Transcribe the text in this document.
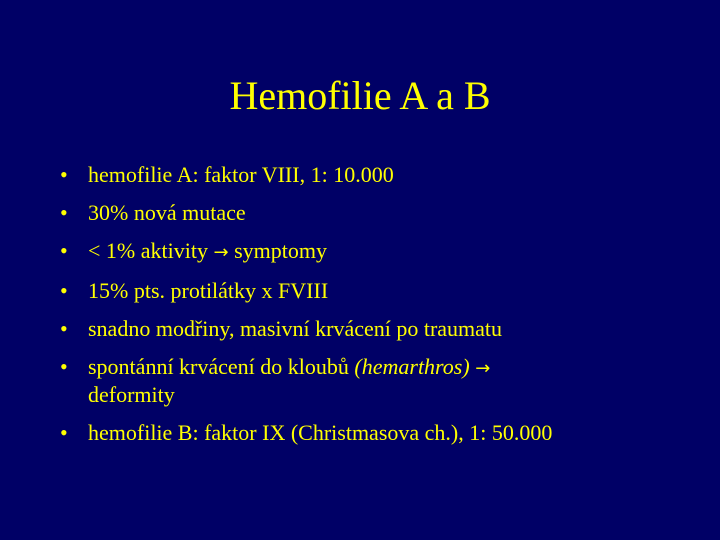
Hemofilie A a B
• hemofilie A: faktor VIII, 1: 10.000
• 30% nová mutace
• < 1% aktivity → symptomy
• 15% pts. protilátky x FVIII
• snadno modřiny, masivní krvácení po traumatu
• spontánní krvácení do kloubů (hemarthros) →
deformity
• hemofilie B: faktor IX (Christmasova ch.), 1: 50.000
